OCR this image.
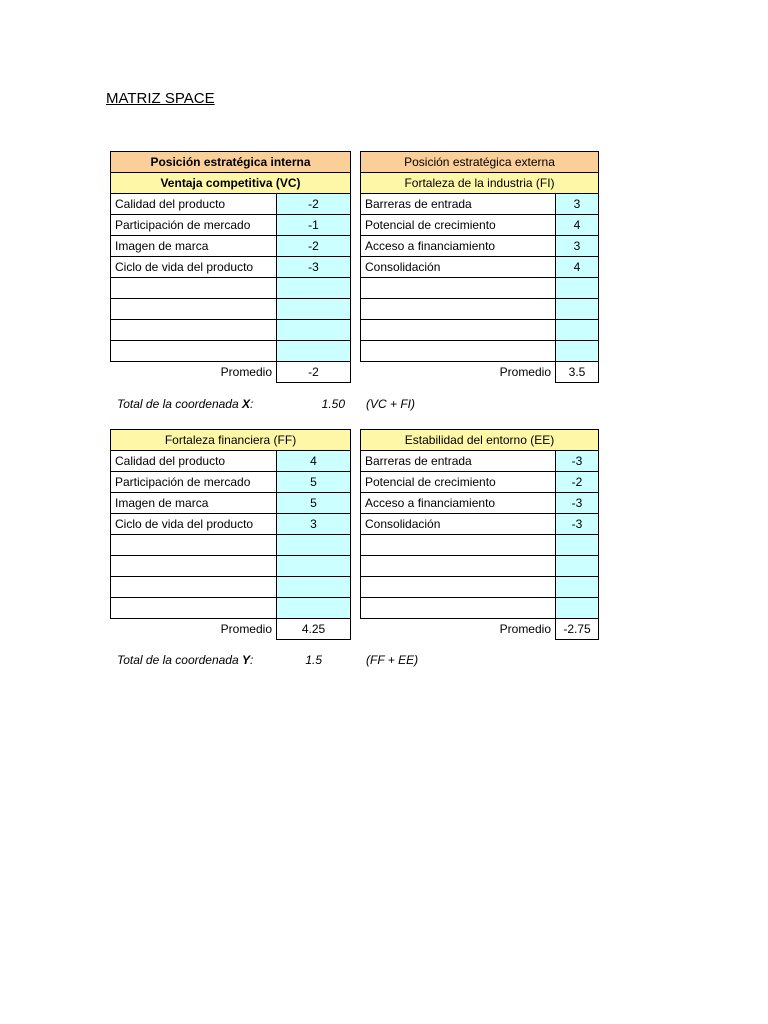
MATRIZ SPACE
Posición estratégica interna	
Ventaja competitiva (VC)	
Calidad del producto	-2
Participación de mercado	-1
Imagen de marca	-2
Ciclo de vida del producto	-3

Promedio	-2
Posición estratégica externa	
Fortaleza de la industria (FI)	
Barreras de entrada	3
Potencial de crecimiento	4
Acceso a financiamiento	3
Consolidación	4

Promedio	3.5
Total de la coordenada X:	1.50 (VC + FI)
Fortaleza financiera (FF)	
Calidad del producto	4
Participación de mercado	5
Imagen de marca	5
Ciclo de vida del producto	3

Promedio	4.25
Estabilidad del entorno (EE)	
Barreras de entrada	-3
Potencial de crecimiento	-2
Acceso a financiamiento	-3
Consolidación	-3

Promedio	-2.75
Total de la coordenada Y:	1.5	(FF + EE)
